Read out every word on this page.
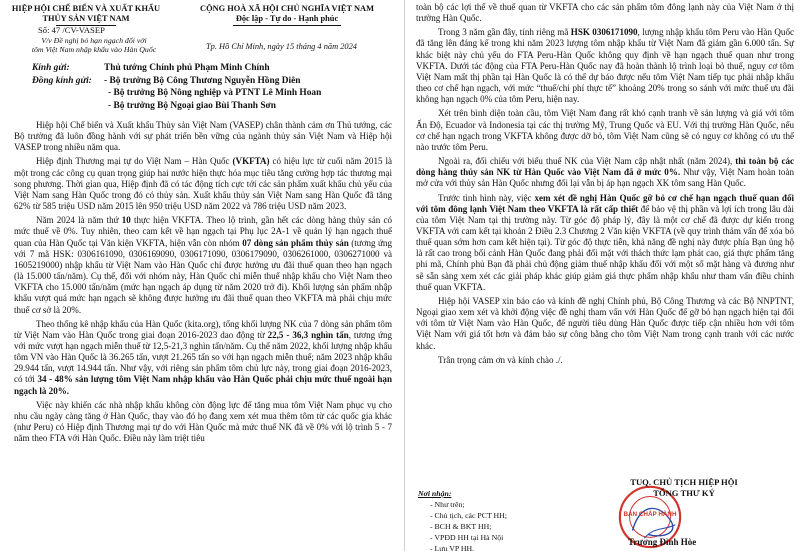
HIỆP HỘI CHẾ BIẾN VÀ XUẤT KHẨU
THỦY SẢN VIỆT NAM
Số: 47 /CV-VASEP
V/v Đề nghị bỏ hạn ngạch đối với
tôm Việt Nam nhập khẩu vào Hàn Quốc
CỘNG HOÀ XÃ HỘI CHỦ NGHĨA VIỆT NAM
Độc lập - Tự do - Hạnh phúc
Tp. Hồ Chí Minh, ngày 15 tháng 4 năm 2024
Kính gửi:	Thủ tướng Chính phủ Phạm Minh Chính
Đồng kính gửi: - Bộ trưởng Bộ Công Thương Nguyễn Hồng Diên
- Bộ trưởng Bộ Nông nghiệp và PTNT Lê Minh Hoan
- Bộ trưởng Bộ Ngoại giao Bùi Thanh Sơn

Hiệp hội Chế biến và Xuất khẩu Thủy sản Việt Nam (VASEP) chân thành cảm ơn Thủ tướng, các Bộ trưởng đã luôn đồng hành với sự phát triển bền vững của ngành thủy sản Việt Nam và Hiệp hội VASEP trong nhiều năm qua.

Hiệp định Thương mại tự do Việt Nam – Hàn Quốc (VKFTA) có hiệu lực từ cuối năm 2015 là một trong các công cụ quan trọng giúp hai nước hiện thực hóa mục tiêu tăng cường hợp tác thương mại song phương. Thời gian qua, Hiệp định đã có tác động tích cực tới các sản phẩm xuất khẩu chủ yếu của Việt Nam sang Hàn Quốc trong đó có thủy sản. Xuất khẩu thủy sản Việt Nam sang Hàn Quốc đã tăng 62% từ 585 triệu USD năm 2015 lên 950 triệu USD năm 2022 và 786 triệu USD năm 2023.

Năm 2024 là năm thứ 10 thực hiện VKFTA. Theo lộ trình, gần hết các dòng hàng thủy sản có mức thuế về 0%. Tuy nhiên, theo cam kết về hạn ngạch tại Phụ lục 2A-1 về quản lý hạn ngạch thuế quan của Hàn Quốc tại Văn kiện VKFTA, hiện vẫn còn nhóm 07 dòng sản phẩm thủy sản (tương ứng với 7 mã HSK: 0306161090, 0306169090, 0306171090, 0306179090, 0306261000, 0306271000 và 1605219000) nhập khẩu từ Việt Nam vào Hàn Quốc chỉ được hưởng ưu đãi thuế quan theo hạn ngạch (là 15.000 tấn/năm). Cụ thể, đối với nhóm này, Hàn Quốc chỉ miễn thuế nhập khẩu cho Việt Nam theo VKFTA cho 15.000 tấn/năm (mức hạn ngạch áp dụng từ năm 2020 trở đi). Khối lượng sản phẩm nhập khẩu vượt quá mức hạn ngạch sẽ không được hưởng ưu đãi thuế quan theo VKFTA mà phải chịu mức thuế cơ sở là 20%.

Theo thống kê nhập khẩu của Hàn Quốc (kita.org), tổng khối lượng NK của 7 dòng sản phẩm tôm từ Việt Nam vào Hàn Quốc trong giai đoạn 2016-2023 dao động từ 22,5 - 36,3 nghìn tấn, tương ứng với mức vượt hạn ngạch miễn thuế từ 12,5-21,3 nghìn tấn/năm. Cụ thể năm 2022, khối lượng nhập khẩu tôm VN vào Hàn Quốc là 36.265 tấn, vượt 21.265 tấn so với hạn ngạch miễn thuế; năm 2023 nhập khẩu 29.944 tấn, vượt 14.944 tấn. Như vậy, với riêng sản phẩm tôm chủ lực này, trong giai đoạn 2016-2023, có tới 34 - 48% sản lượng tôm Việt Nam nhập khẩu vào Hàn Quốc phải chịu mức thuế ngoài hạn ngạch là 20%.

Việc này khiến các nhà nhập khẩu không còn động lực để tăng mua tôm Việt Nam phục vụ cho nhu cầu ngày càng tăng ở Hàn Quốc, thay vào đó họ đang xem xét mua thêm tôm từ các quốc gia khác (như Peru) có Hiệp định Thương mại tự do với Hàn Quốc mà mức thuế NK đã về 0% với lộ trình 5 - 7 năm theo FTA với Hàn Quốc. Điều này làm triệt tiêu

toàn bộ các lợi thế về thuế quan từ VKFTA cho các sản phẩm tôm đông lạnh này của Việt Nam ở thị trường Hàn Quốc.

Trong 3 năm gần đây, tính riêng mã HSK 0306171090, lượng nhập khẩu tôm Peru vào Hàn Quốc đã tăng lên đáng kể trong khi năm 2023 lượng tôm nhập khẩu từ Việt Nam đã giảm gần 6.000 tấn. Sự khác biệt này chủ yếu do FTA Peru-Hàn Quốc không quy định về hạn ngạch thuế quan như trong VKFTA. Dưới tác động của FTA Peru-Hàn Quốc nay đã hoàn thành lộ trình loại bỏ thuế, nguy cơ tôm Việt Nam mất thị phần tại Hàn Quốc là có thể dự báo được nếu tôm Việt Nam tiếp tục phải nhập khẩu theo cơ chế hạn ngạch, với mức “thuế/chi phí thực tế” khoảng 20% trong so sánh với mức thuế ưu đãi không hạn ngạch 0% của tôm Peru, hiện nay.

Xét trên bình diện toàn cầu, tôm Việt Nam đang rất khó cạnh tranh về sản lượng và giá với tôm Ấn Độ, Ecuador và Indonesia tại các thị trường Mỹ, Trung Quốc và EU. Với thị trường Hàn Quốc, nếu cơ chế hạn ngạch trong VKFTA không được dỡ bỏ, tôm Việt Nam cũng sẽ có nguy cơ không có ưu thế nào trước tôm Peru.

Ngoài ra, đối chiếu với biểu thuế NK của Việt Nam cập nhật nhất (năm 2024), thì toàn bộ các dòng hàng thủy sản NK từ Hàn Quốc vào Việt Nam đã ở mức 0%. Như vậy, Việt Nam hoàn toàn mở cửa với thủy sản Hàn Quốc nhưng đối lại vẫn bị áp hạn ngạch XK tôm sang Hàn Quốc.

Trước tình hình này, việc xem xét đề nghị Hàn Quốc gỡ bỏ cơ chế hạn ngạch thuế quan đối với tôm đông lạnh Việt Nam theo VKFTA là rất cấp thiết để bảo vệ thị phần và lợi ích trong lâu dài của tôm Việt Nam tại thị trường này. Từ góc độ pháp lý, đây là một cơ chế đã được dự kiến trong VKFTA với cam kết tại khoản 2 Điều 2.3 Chương 2 Văn kiện VKFTA (về quy trình thảm vấn để xóa bỏ thuế quan sớm hơn cam kết hiện tại). Từ góc độ thực tiễn, khả năng đề nghị này được phía Bạn ủng hộ là rất cao trong bối cảnh Hàn Quốc đang phải đối mặt với thách thức lạm phát cao, giá thực phẩm tăng phi mã, Chính phủ Bạn đã phải chủ động giảm thuế nhập khẩu đối với một số mặt hàng và đương như sẽ sẵn sàng xem xét các giải pháp khác giúp giảm giá thực phẩm nhập khẩu như tham vấn điều chỉnh thuế quan VKFTA.

Hiệp hội VASEP xin báo cáo và kính đề nghị Chính phủ, Bộ Công Thương và các Bộ NNPTNT, Ngoại giao xem xét và khởi động việc đề nghị tham vấn với Hàn Quốc để gỡ bỏ hạn ngạch hiện tại đối với tôm từ Việt Nam vào Hàn Quốc, để người tiêu dùng Hàn Quốc được tiếp cận nhiều hơn với tôm Việt Nam với giá tốt hơn và đảm bảo sự công bằng cho tôm Việt Nam trong cạnh tranh với các nước khác.

Trân trọng cảm ơn và kính chào ./.

Nơi nhận:
- Như trên;
- Chủ tịch, các PCT HH;
- BCH & BKT HH;
- VPĐD HH tại Hà Nội
- Lưu VP HH.
BAN CHẤP HÀNH
TUQ. CHỦ TỊCH HIỆP HỘI
TỔNG THƯ KÝ
Trương Đình Hòe
